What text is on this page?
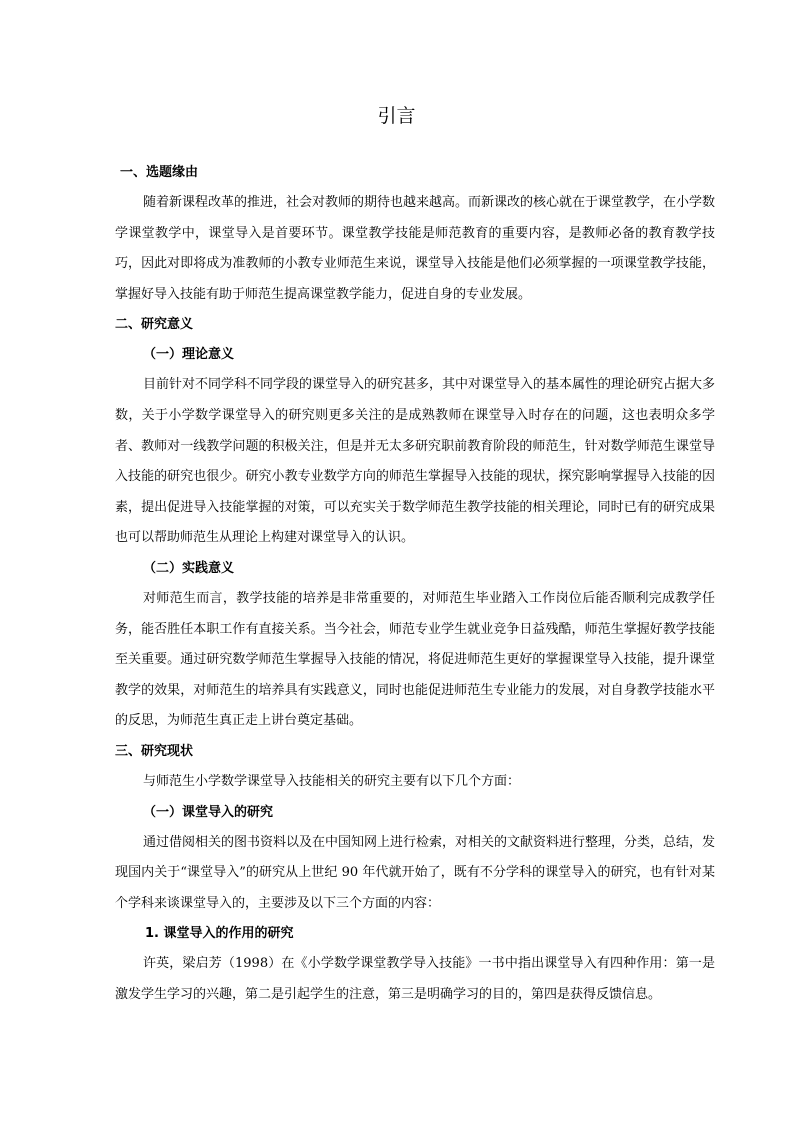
引言
一、选题缘由
随着新课程改革的推进，社会对教师的期待也越来越高。而新课改的核心就在于课堂教学，在小学数学课堂教学中，课堂导入是首要环节。课堂教学技能是师范教育的重要内容，是教师必备的教育教学技巧，因此对即将成为准教师的小教专业师范生来说，课堂导入技能是他们必须掌握的一项课堂教学技能，掌握好导入技能有助于师范生提高课堂教学能力，促进自身的专业发展。
二、研究意义
（一）理论意义
目前针对不同学科不同学段的课堂导入的研究甚多，其中对课堂导入的基本属性的理论研究占据大多数，关于小学数学课堂导入的研究则更多关注的是成熟教师在课堂导入时存在的问题，这也表明众多学者、教师对一线教学问题的积极关注，但是并无太多研究职前教育阶段的师范生，针对数学师范生课堂导入技能的研究也很少。研究小教专业数学方向的师范生掌握导入技能的现状，探究影响掌握导入技能的因素，提出促进导入技能掌握的对策，可以充实关于数学师范生教学技能的相关理论，同时已有的研究成果也可以帮助师范生从理论上构建对课堂导入的认识。
（二）实践意义
对师范生而言，教学技能的培养是非常重要的，对师范生毕业踏入工作岗位后能否顺利完成教学任务，能否胜任本职工作有直接关系。当今社会，师范专业学生就业竞争日益残酷，师范生掌握好教学技能至关重要。通过研究数学师范生掌握导入技能的情况，将促进师范生更好的掌握课堂导入技能，提升课堂教学的效果，对师范生的培养具有实践意义，同时也能促进师范生专业能力的发展，对自身教学技能水平的反思，为师范生真正走上讲台奠定基础。
三、研究现状
与师范生小学数学课堂导入技能相关的研究主要有以下几个方面：
（一）课堂导入的研究
通过借阅相关的图书资料以及在中国知网上进行检索，对相关的文献资料进行整理，分类，总结，发现国内关于“课堂导入”的研究从上世纪 90 年代就开始了，既有不分学科的课堂导入的研究，也有针对某个学科来谈课堂导入的，主要涉及以下三个方面的内容：
1. 课堂导入的作用的研究
许英，梁启芳（1998）在《小学数学课堂教学导入技能》一书中指出课堂导入有四种作用：第一是激发学生学习的兴趣，第二是引起学生的注意，第三是明确学习的目的，第四是获得反馈信息。
